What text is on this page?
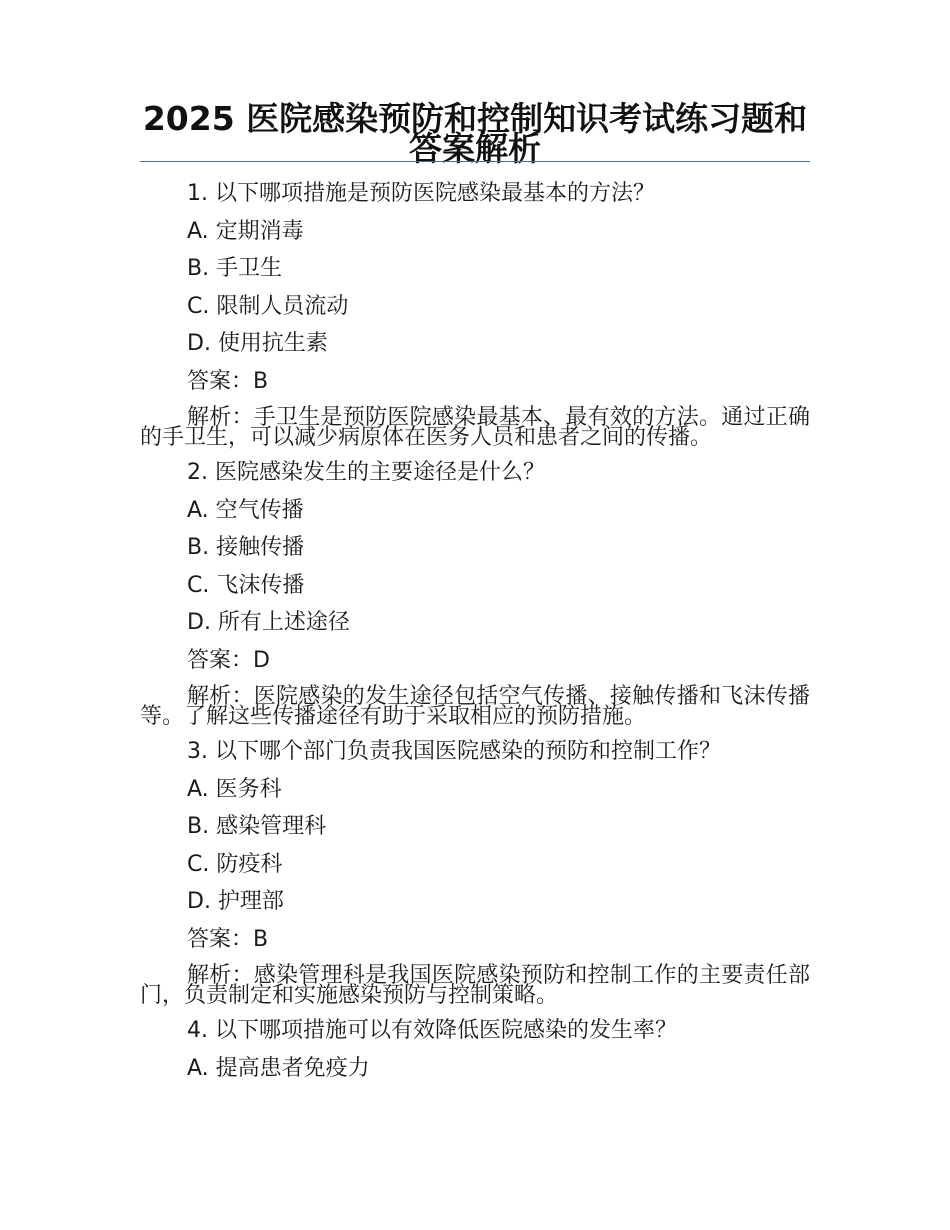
2025 医院感染预防和控制知识考试练习题和答案解析

1. 以下哪项措施是预防医院感染最基本的方法？

A. 定期消毒

B. 手卫生

C. 限制人员流动

D. 使用抗生素

答案：B

解析：手卫生是预防医院感染最基本、最有效的方法。通过正确的手卫生，可以减少病原体在医务人员和患者之间的传播。

2. 医院感染发生的主要途径是什么？

A. 空气传播

B. 接触传播

C. 飞沫传播

D. 所有上述途径

答案：D

解析：医院感染的发生途径包括空气传播、接触传播和飞沫传播等。了解这些传播途径有助于采取相应的预防措施。

3. 以下哪个部门负责我国医院感染的预防和控制工作？

A. 医务科

B. 感染管理科

C. 防疫科

D. 护理部

答案：B

解析：感染管理科是我国医院感染预防和控制工作的主要责任部门，负责制定和实施感染预防与控制策略。

4. 以下哪项措施可以有效降低医院感染的发生率？

A. 提高患者免疫力
